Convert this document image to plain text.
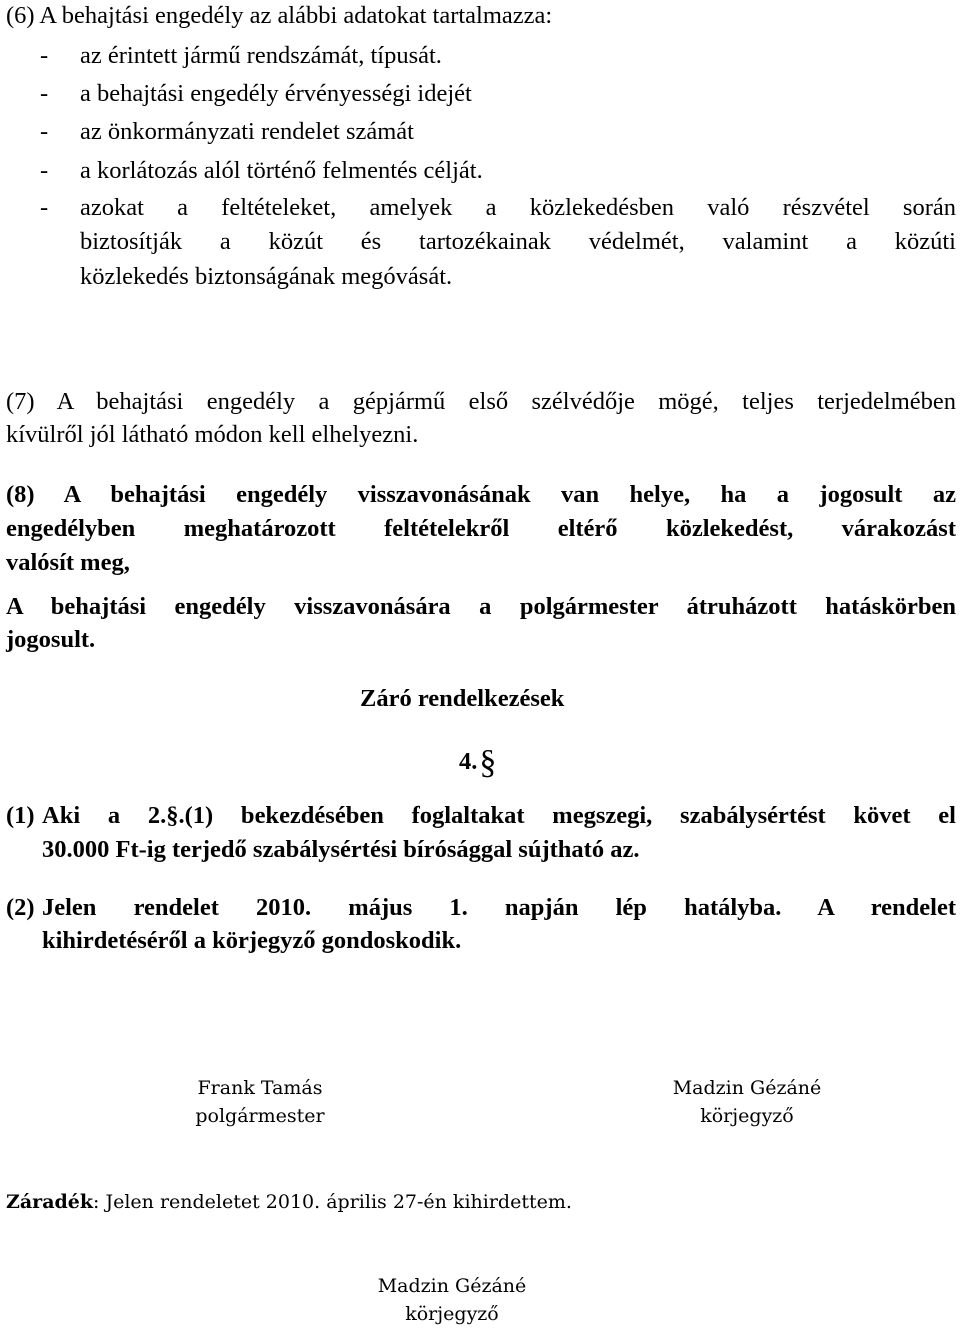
(6) A behajtási engedély az alábbi adatokat tartalmazza:
- az érintett jármű rendszámát, típusát.
- a behajtási engedély érvényességi idejét
- az önkormányzati rendelet számát
- a korlátozás alól történő felmentés célját.
- azokat a feltételeket, amelyek a közlekedésben való részvétel során
biztosítják a közút és tartozékainak védelmét, valamint a közúti
közlekedés biztonságának megóvását.
(7) A behajtási engedély a gépjármű első szélvédője mögé, teljes terjedelmében
kívülről jól látható módon kell elhelyezni.
(8) A behajtási engedély visszavonásának van helye, ha a jogosult az
engedélyben meghatározott feltételekről eltérő közlekedést, várakozást
valósít meg,
A behajtási engedély visszavonására a polgármester átruházott hatáskörben
jogosult.
Záró rendelkezések
4.§
(1) Aki a 2.§.(1) bekezdésében foglaltakat megszegi, szabálysértést követ el
30.000 Ft-ig terjedő szabálysértési bírósággal sújtható az.
(2) Jelen rendelet 2010. május 1. napján lép hatályba. A rendelet
kihirdetéséről a körjegyző gondoskodik.
Frank Tamás
polgármester
Madzin Gézáné
körjegyző
Záradék: Jelen rendeletet 2010. április 27-én kihirdettem.
Madzin Gézáné
körjegyző
